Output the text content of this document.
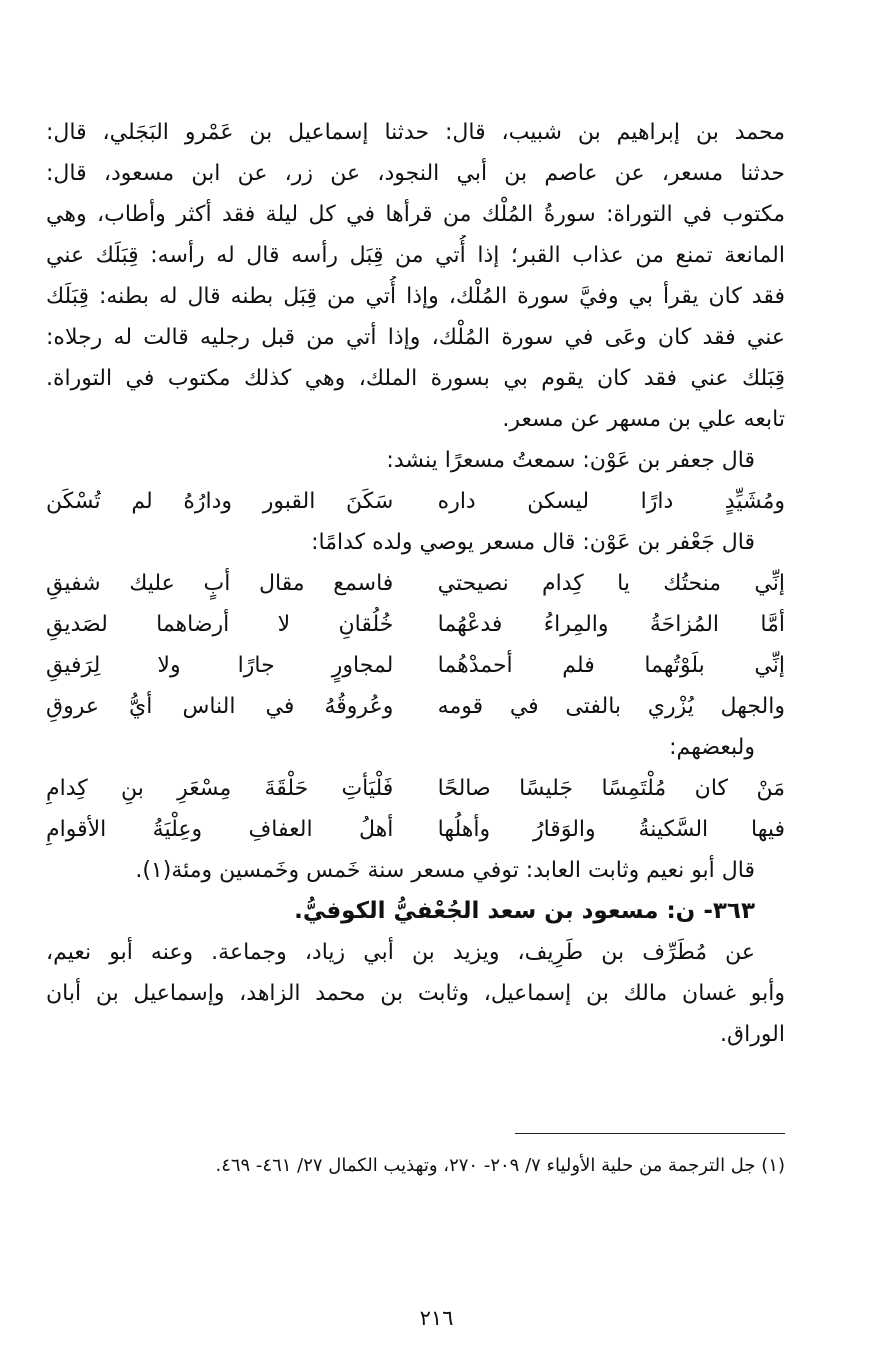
محمد بن إبراهيم بن شبيب، قال: حدثنا إسماعيل بن عَمْرو البَجَلي، قال:
حدثنا مسعر، عن عاصم بن أبي النجود، عن زر، عن ابن مسعود، قال:
مكتوب في التوراة: سورةُ المُلْك من قرأها في كل ليلة فقد أكثر وأطاب، وهي
المانعة تمنع من عذاب القبر؛ إذا أُتي من قِبَل رأسه قال له رأسه: قِبَلَك عني
فقد كان يقرأ بي وفيَّ سورة المُلْك، وإذا أُتي من قِبَل بطنه قال له بطنه: قِبَلَك
عني فقد كان وعَى في سورة المُلْك، وإذا أتي من قبل رجليه قالت له رجلاه:
قِبَلك عني فقد كان يقوم بي بسورة الملك، وهي كذلك مكتوب في التوراة.
تابعه علي بن مسهر عن مسعر.
قال جعفر بن عَوْن: سمعتُ مسعرًا ينشد:
ومُشَيِّدٍ دارًا ليسكن داره
سَكَنَ القبور ودارُهُ لم تُسْكَن
قال جَعْفر بن عَوْن: قال مسعر يوصي ولده كدامًا:
إنِّي منحتُك يا كِدام نصيحتي
فاسمع مقال أبٍ عليك شفيقِ
أمَّا المُزاحَةُ والمِراءُ فدعْهُما
خُلُقانِ لا أرضاهما لصَديقِ
إنِّي بلَوْتُهما فلم أحمدْهُما
لمجاورٍ جارًا ولا لِرَفيقِ
والجهل يُزْري بالفتى في قومه
وعُروقُهُ في الناس أيُّ عروقِ
ولبعضهم:
مَنْ كان مُلْتَمِسًا جَليسًا صالحًا
فَلْيَأتِ حَلْقَةَ مِسْعَرِ بنِ كِدامِ
فيها السَّكينةُ والوَقارُ وأهلُها
أهلُ العفافِ وعِلْيَةُ الأقوامِ
قال أبو نعيم وثابت العابد: توفي مسعر سنة خَمس وخَمسين ومئة(١).
٣٦٣- ن: مسعود بن سعد الجُعْفيُّ الكوفيُّ.
عن مُطَرِّف بن طَرِيف، ويزيد بن أبي زياد، وجماعة. وعنه أبو نعيم،
وأبو غسان مالك بن إسماعيل، وثابت بن محمد الزاهد، وإسماعيل بن أبان
الوراق.
(١) جل الترجمة من حلية الأولياء ٧/ ٢٠٩- ٢٧٠، وتهذيب الكمال ٢٧/ ٤٦١- ٤٦٩.
٢١٦
